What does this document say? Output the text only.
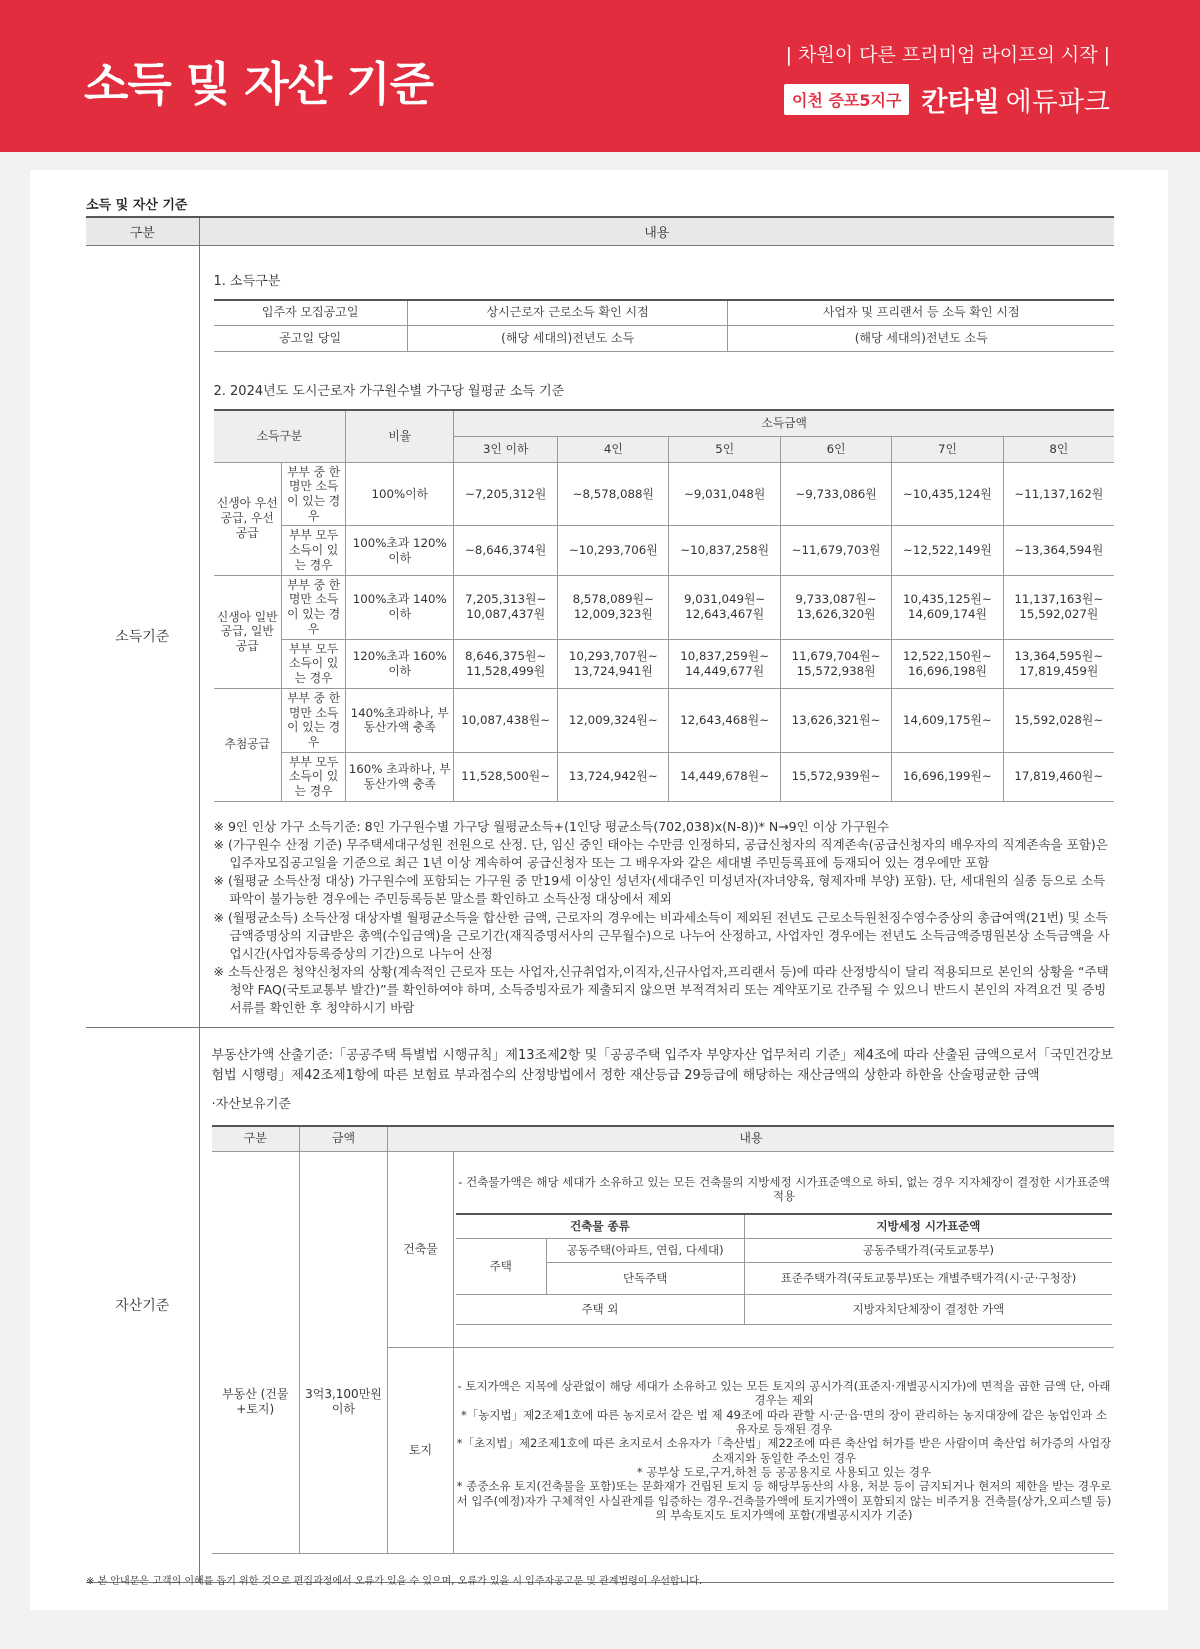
소득 및 자산 기준
| 차원이 다른 프리미엄 라이프의 시작 |
이천 증포5지구 칸타빌 에듀파크
소득 및 자산 기준
구분	내용
소득기준	
1. 소득구분
입주자 모집공고일	상시근로자 근로소득 확인 시점	사업자 및 프리랜서 등 소득 확인 시점
공고일 당일	(해당 세대의)전년도 소득	(해당 세대의)전년도 소득
2. 2024년도 도시근로자 가구원수별 가구당 월평균 소득 기준
소득구분	비율	소득금액
3인 이하	4인	5인	6인	7인	8인
신생아 우선공급, 우선공급	부부 중 한명만 소득이 있는 경우	100%이하	~7,205,312원	~8,578,088원	~9,031,048원	~9,733,086원	~10,435,124원	~11,137,162원
부부 모두 소득이 있는 경우	100%초과 120%이하	~8,646,374원	~10,293,706원	~10,837,258원	~11,679,703원	~12,522,149원	~13,364,594원
신생아 일반공급, 일반공급	부부 중 한명만 소득이 있는 경우	100%초과 140%이하	7,205,313원~ 10,087,437원	8,578,089원~ 12,009,323원	9,031,049원~ 12,643,467원	9,733,087원~ 13,626,320원	10,435,125원~ 14,609,174원	11,137,163원~ 15,592,027원
부부 모두 소득이 있는 경우	120%초과 160%이하	8,646,375원~ 11,528,499원	10,293,707원~ 13,724,941원	10,837,259원~ 14,449,677원	11,679,704원~ 15,572,938원	12,522,150원~ 16,696,198원	13,364,595원~ 17,819,459원
추첨공급	부부 중 한명만 소득이 있는 경우	140%초과하나, 부동산가액 충족	10,087,438원~	12,009,324원~	12,643,468원~	13,626,321원~	14,609,175원~	15,592,028원~
부부 모두 소득이 있는 경우	160% 초과하나, 부동산가액 충족	11,528,500원~	13,724,942원~	14,449,678원~	15,572,939원~	16,696,199원~	17,819,460원~

※ 9인 인상 가구 소득기준: 8인 가구원수별 가구당 월평균소득+(1인당 평균소득(702,038)x(N-8))* N→9인 이상 가구원수

※ (가구원수 산정 기준) 무주택세대구성원 전원으로 산정. 단, 임신 중인 태아는 수만큼 인정하되, 공급신청자의 직계존속(공급신청자의 배우자의 직계존속을 포함)은 입주자모집공고일을 기준으로 최근 1년 이상 계속하여 공급신청자 또는 그 배우자와 같은 세대별 주민등록표에 등재되어 있는 경우에만 포함

※ (월평균 소득산정 대상) 가구원수에 포함되는 가구원 중 만19세 이상인 성년자(세대주인 미성년자(자녀양육, 형제자매 부양) 포함). 단, 세대원의 실종 등으로 소득파악이 불가능한 경우에는 주민등록등본 말소를 확인하고 소득산정 대상에서 제외

※ (월평균소득) 소득산정 대상자별 월평균소득을 합산한 금액, 근로자의 경우에는 비과세소득이 제외된 전년도 근로소득원천징수영수증상의 총급여액(21번) 및 소득금액증명상의 지급받은 총액(수입금액)을 근로기간(재직증명서사의 근무월수)으로 나누어 산정하고, 사업자인 경우에는 전년도 소득금액증명원본상 소득금액을 사업시간(사업자등록증상의 기간)으로 나누어 산정

※ 소득산정은 청약신청자의 상황(계속적인 근로자 또는 사업자,신규취업자,이직자,신규사업자,프리랜서 등)에 따라 산정방식이 달리 적용되므로 본인의 상황을 “주택청약 FAQ(국토교통부 발간)”를 확인하여야 하며, 소득증빙자료가 제출되지 않으면 부적격처리 또는 계약포기로 간주될 수 있으니 반드시 본인의 자격요건 및 증빙서류를 확인한 후 청약하시기 바람

자산기준	
부동산가액 산출기준:「공공주택 특별법 시행규칙」제13조제2항 및「공공주택 입주자 부양자산 업무처리 기준」제4조에 따라 산출된 금액으로서「국민건강보험법 시행령」제42조제1항에 따른 보험료 부과점수의 산정방법에서 정한 재산등급 29등급에 해당하는 재산금액의 상한과 하한을 산술평균한 금액
·자산보유기준
구분	금액	내용
부동산 (건물+토지)	3억3,100만원 이하	건축물	
- 건축물가액은 해당 세대가 소유하고 있는 모든 건축물의 지방세정 시가표준액으로 하되, 없는 경우 지자체장이 결정한 시가표준액 적용
건축물 종류	지방세정 시가표준액
주택	공동주택(아파트, 연립, 다세대)	공동주택가격(국토교통부)
단독주택	표준주택가격(국토교통부)또는 개별주택가격(시·군·구청장)
주택 외	지방자치단체장이 결정한 가액

토지	

- 토지가액은 지목에 상관없이 해당 세대가 소유하고 있는 모든 토지의 공시가격(표준지·개별공시지가)에 면적을 곱한 금액 단, 아래 경우는 제외

*「농지법」제2조제1호에 따른 농지로서 같은 법 제 49조에 따라 관할 시·군·읍·면의 장이 관리하는 농지대장에 같은 농업인과 소유자로 등재된 경우

*「초지법」제2조제1호에 따른 초지로서 소유자가「축산법」제22조에 따른 축산업 허가를 받은 사람이며 축산업 허가증의 사업장 소재지와 동일한 주소인 경우

* 공부상 도로,구거,하천 등 공공용지로 사용되고 있는 경우

* 종중소유 토지(건축물을 포함)또는 문화재가 건립된 토지 등 해당부동산의 사용, 처분 등이 금지되거나 현저의 제한을 받는 경우로서 입주(예정)자가 구체적인 사실관계를 입증하는 경우-건축물가액에 토지가액이 포함되지 않는 비주거용 건축물(상가,오피스텔 등)의 부속토지도 토지가액에 포함(개별공시지가 기준)

※ 본 안내문은 고객의 이해를 돕기 위한 것으로 편집과정에서 오류가 있을 수 있으며, 오류가 있을 시 입주자공고문 및 관계법령이 우선합니다.
